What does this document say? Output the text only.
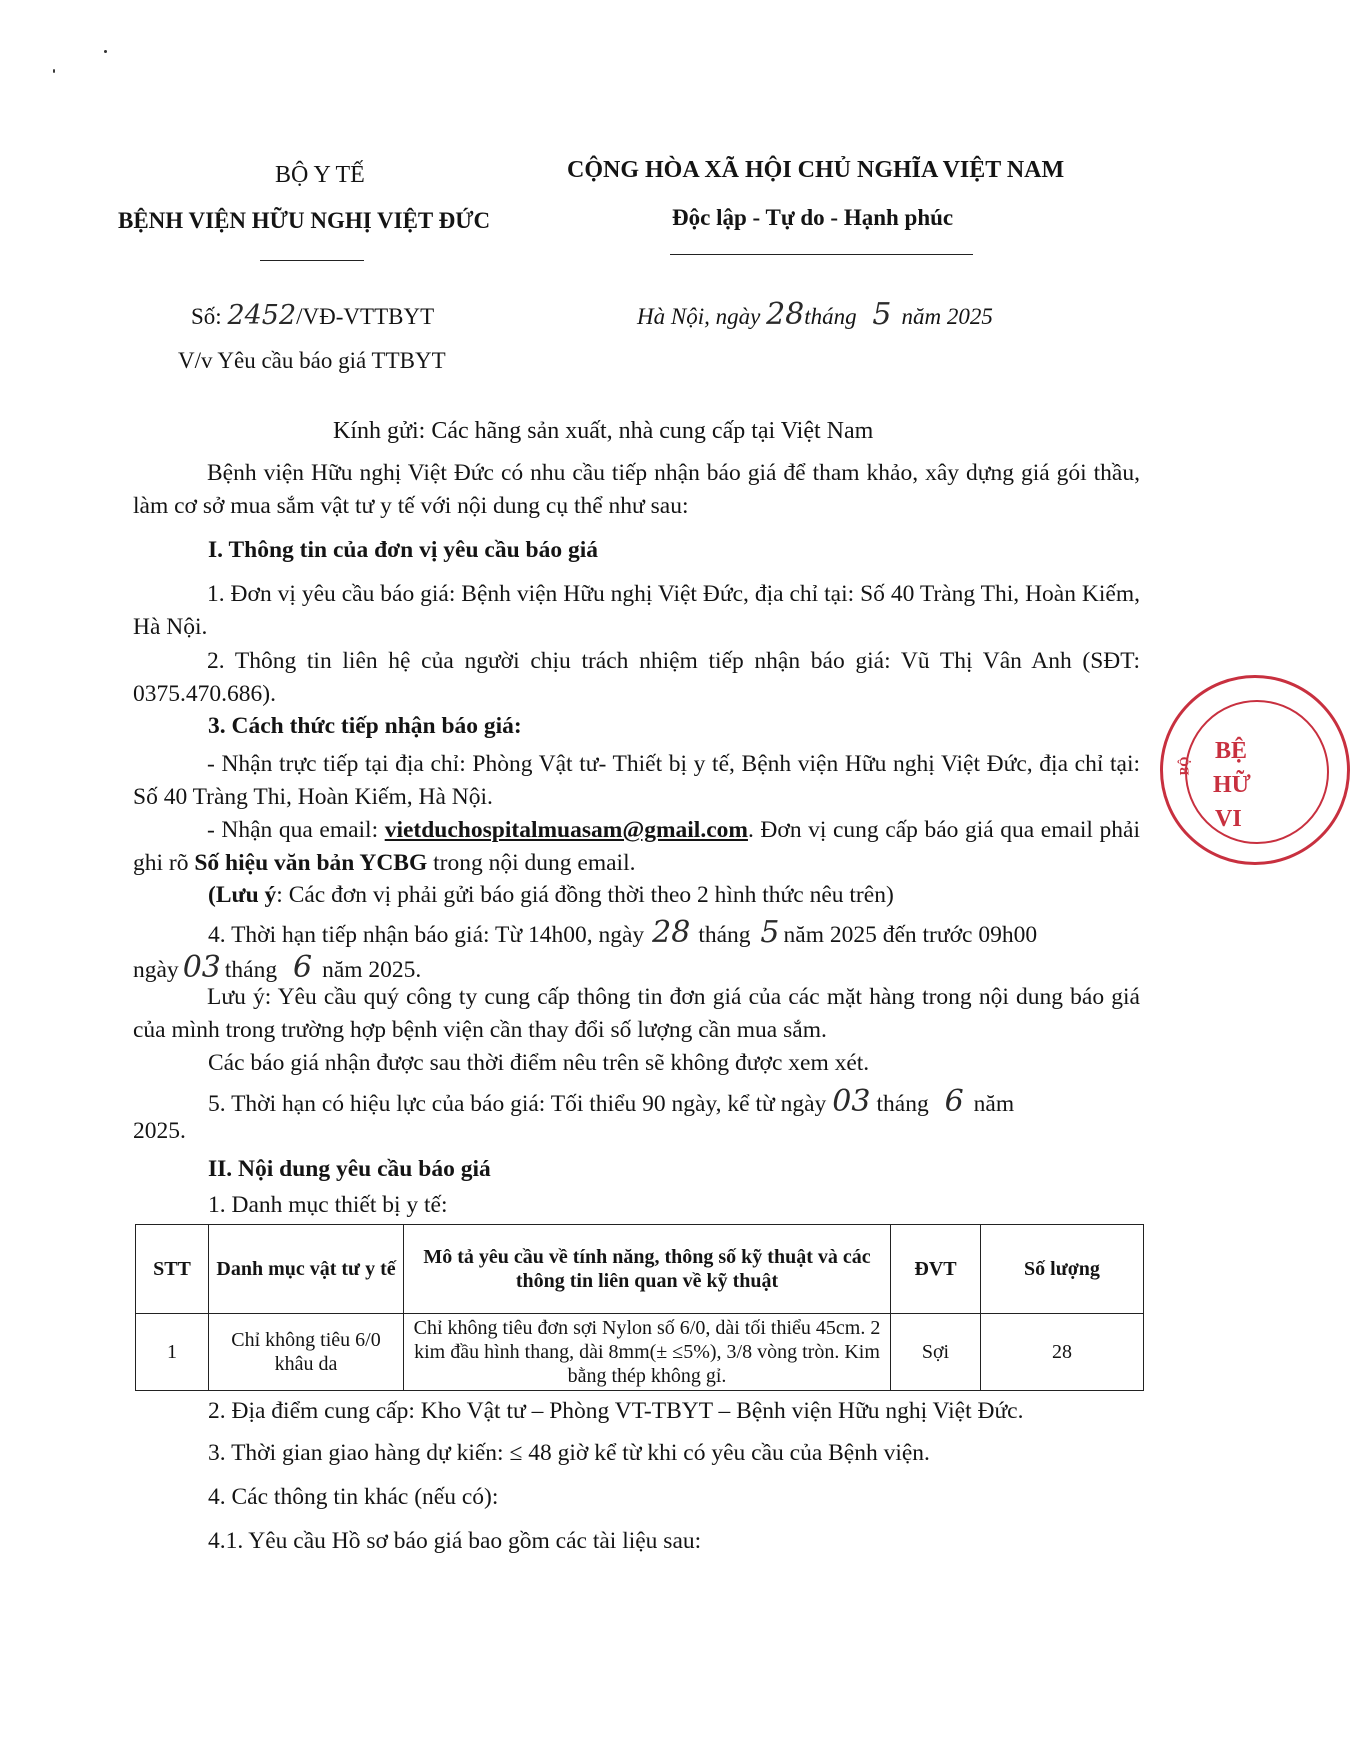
BỘ Y TẾ
BỆNH VIỆN HỮU NGHỊ VIỆT ĐỨC
CỘNG HÒA XÃ HỘI CHỦ NGHĨA VIỆT NAM
Độc lập - Tự do - Hạnh phúc
Số: 2452/VĐ-VTTBYT
V/v Yêu cầu báo giá TTBYT
Hà Nội, ngày 28tháng 5 năm 2025
Kính gửi: Các hãng sản xuất, nhà cung cấp tại Việt Nam
Bệnh viện Hữu nghị Việt Đức có nhu cầu tiếp nhận báo giá để tham khảo, xây dựng giá gói thầu, làm cơ sở mua sắm vật tư y tế với nội dung cụ thể như sau:
I. Thông tin của đơn vị yêu cầu báo giá
1. Đơn vị yêu cầu báo giá: Bệnh viện Hữu nghị Việt Đức, địa chỉ tại: Số 40 Tràng Thi, Hoàn Kiếm, Hà Nội.
2. Thông tin liên hệ của người chịu trách nhiệm tiếp nhận báo giá: Vũ Thị Vân Anh (SĐT: 0375.470.686).
3. Cách thức tiếp nhận báo giá:
- Nhận trực tiếp tại địa chỉ: Phòng Vật tư- Thiết bị y tế, Bệnh viện Hữu nghị Việt Đức, địa chỉ tại: Số 40 Tràng Thi, Hoàn Kiếm, Hà Nội.
- Nhận qua email: vietduchospitalmuasam@gmail.com. Đơn vị cung cấp báo giá qua email phải ghi rõ Số hiệu văn bản YCBG trong nội dung email.
(Lưu ý: Các đơn vị phải gửi báo giá đồng thời theo 2 hình thức nêu trên)
4. Thời hạn tiếp nhận báo giá: Từ 14h00, ngày 28 tháng 5 năm 2025 đến trước 09h00
ngày 03 tháng 6 năm 2025.
Lưu ý: Yêu cầu quý công ty cung cấp thông tin đơn giá của các mặt hàng trong nội dung báo giá của mình trong trường hợp bệnh viện cần thay đổi số lượng cần mua sắm.
Các báo giá nhận được sau thời điểm nêu trên sẽ không được xem xét.
5. Thời hạn có hiệu lực của báo giá: Tối thiểu 90 ngày, kể từ ngày 03 tháng 6 năm
2025.
II. Nội dung yêu cầu báo giá
1. Danh mục thiết bị y tế:
STT	Danh mục vật tư y tế	Mô tả yêu cầu về tính năng, thông số kỹ thuật và các thông tin liên quan về kỹ thuật	ĐVT	Số lượng
1	Chỉ không tiêu 6/0 khâu da	Chỉ không tiêu đơn sợi Nylon số 6/0, dài tối thiểu 45cm. 2 kim đầu hình thang, dài 8mm(± ≤5%), 3/8 vòng tròn. Kim bằng thép không gỉ.	Sợi	28
2. Địa điểm cung cấp: Kho Vật tư – Phòng VT-TBYT – Bệnh viện Hữu nghị Việt Đức.
3. Thời gian giao hàng dự kiến: ≤ 48 giờ kể từ khi có yêu cầu của Bệnh viện.
4. Các thông tin khác (nếu có):
4.1. Yêu cầu Hồ sơ báo giá bao gồm các tài liệu sau:
BỆ
HỮ
VI
BỘ
